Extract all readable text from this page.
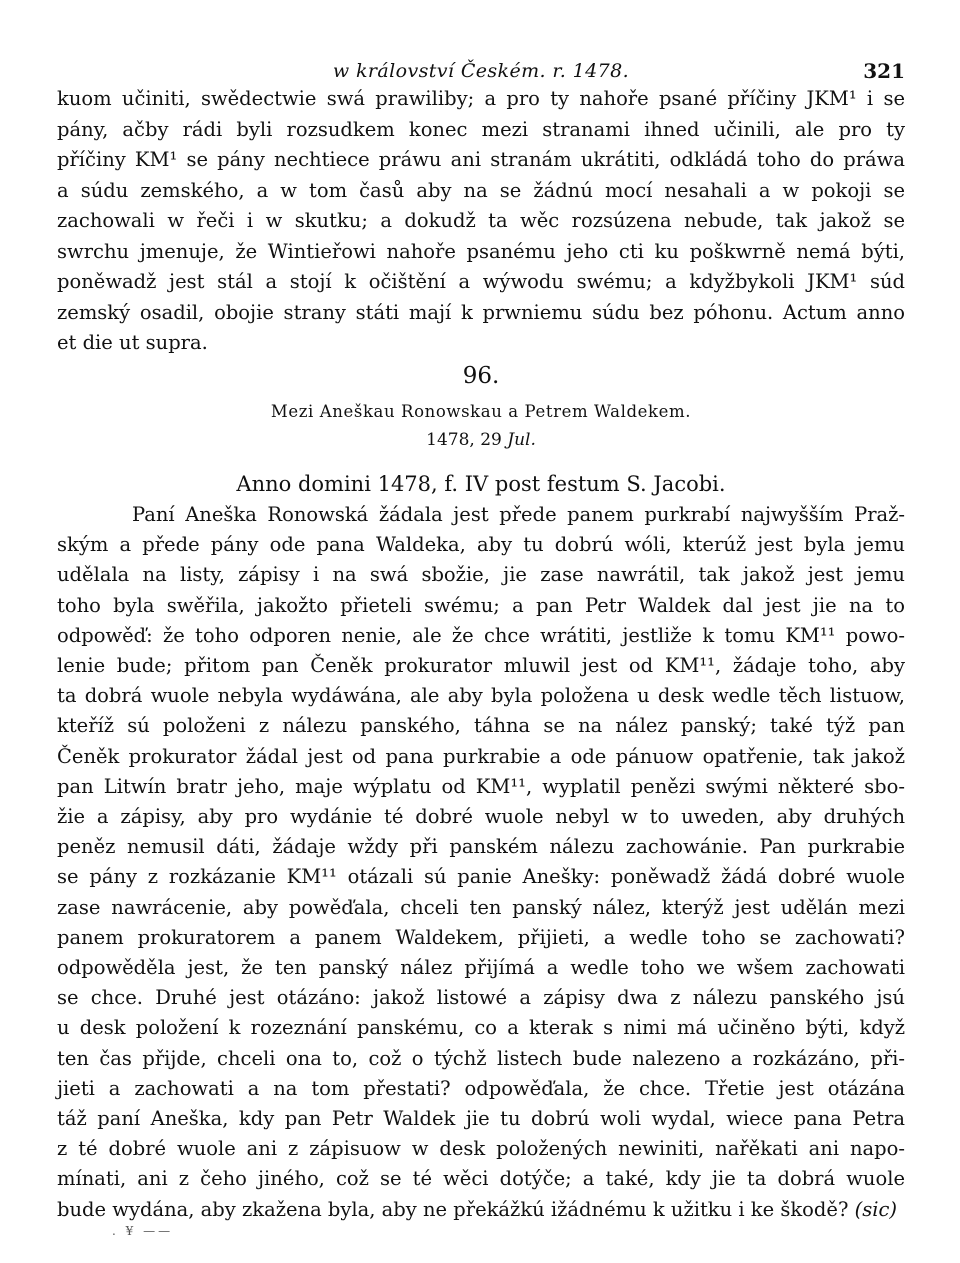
w království Českém. r. 1478.	321
kuom učiniti, swědectwie swá prawiliby; a pro ty nahoře psané příčiny JKM¹ i se
pány, ačby rádi byli rozsudkem konec mezi stranami ihned učinili, ale pro ty
příčiny KM¹ se pány nechtiece práwu ani stranám ukrátiti, odkládá toho do práwa
a súdu zemského, a w tom časů aby na se žádnú mocí nesahali a w pokoji se
zachowali w řeči i w skutku; a dokudž ta wěc rozsúzena nebude, tak jakož se
swrchu jmenuje, že Wintieřowi nahoře psanému jeho cti ku poškwrně nemá býti,
poněwadž jest stál a stojí k očištění a wýwodu swému; a kdyžbykoli JKM¹ súd
zemský osadil, obojie strany státi mají k prwniemu súdu bez póhonu. Actum anno
et die ut supra.
96.
Mezi Aneškau Ronowskau a Petrem Waldekem.
1478, 29 Jul.
Anno domini 1478, f. IV post festum S. Jacobi.
Paní Aneška Ronowská žádala jest přede panem purkrabí najwyšším Praž-
ským a přede pány ode pana Waldeka, aby tu dobrú wóli, kterúž jest byla jemu
udělala na listy, zápisy i na swá sbožie, jie zase nawrátil, tak jakož jest jemu
toho byla swěřila, jakožto přieteli swému; a pan Petr Waldek dal jest jie na to
odpowěď: že toho odporen nenie, ale že chce wrátiti, jestliže k tomu KM¹¹ powo-
lenie bude; přitom pan Čeněk prokurator mluwil jest od KM¹¹, žádaje toho, aby
ta dobrá wuole nebyla wydáwána, ale aby byla položena u desk wedle těch listuow,
kteříž sú položeni z nálezu panského, táhna se na nález panský; také týž pan
Čeněk prokurator žádal jest od pana purkrabie a ode pánuow opatřenie, tak jakož
pan Litwín bratr jeho, maje wýplatu od KM¹¹, wyplatil penězi swými některé sbo-
žie a zápisy, aby pro wydánie té dobré wuole nebyl w to uweden, aby druhých
peněz nemusil dáti, žádaje wždy při panském nálezu zachowánie. Pan purkrabie
se pány z rozkázanie KM¹¹ otázali sú panie Anešky: poněwadž žádá dobré wuole
zase nawrácenie, aby powěďala, chceli ten panský nález, kterýž jest udělán mezi
panem prokuratorem a panem Waldekem, přijieti, a wedle toho se zachowati?
odpowěděla jest, že ten panský nález přijímá a wedle toho we wšem zachowati
se chce. Druhé jest otázáno: jakož listowé a zápisy dwa z nálezu panského jsú
u desk položení k rozeznání panskému, co a kterak s nimi má učiněno býti, když
ten čas přijde, chceli ona to, což o týchž listech bude nalezeno a rozkázáno, při-
jieti a zachowati a na tom přestati? odpowěďala, že chce. Třetie jest otázána
táž paní Aneška, kdy pan Petr Waldek jie tu dobrú woli wydal, wiece pana Petra
z té dobré wuole ani z zápisuow w desk položených newiniti, nařěkati ani napo-
mínati, ani z čeho jiného, což se té wěci dotýče; a také, kdy jie ta dobrá wuole
bude wydána, aby zkažena byla, aby ne překážkú ižádnému k užitku i ke škodě? (sic)
. ¥ ——
